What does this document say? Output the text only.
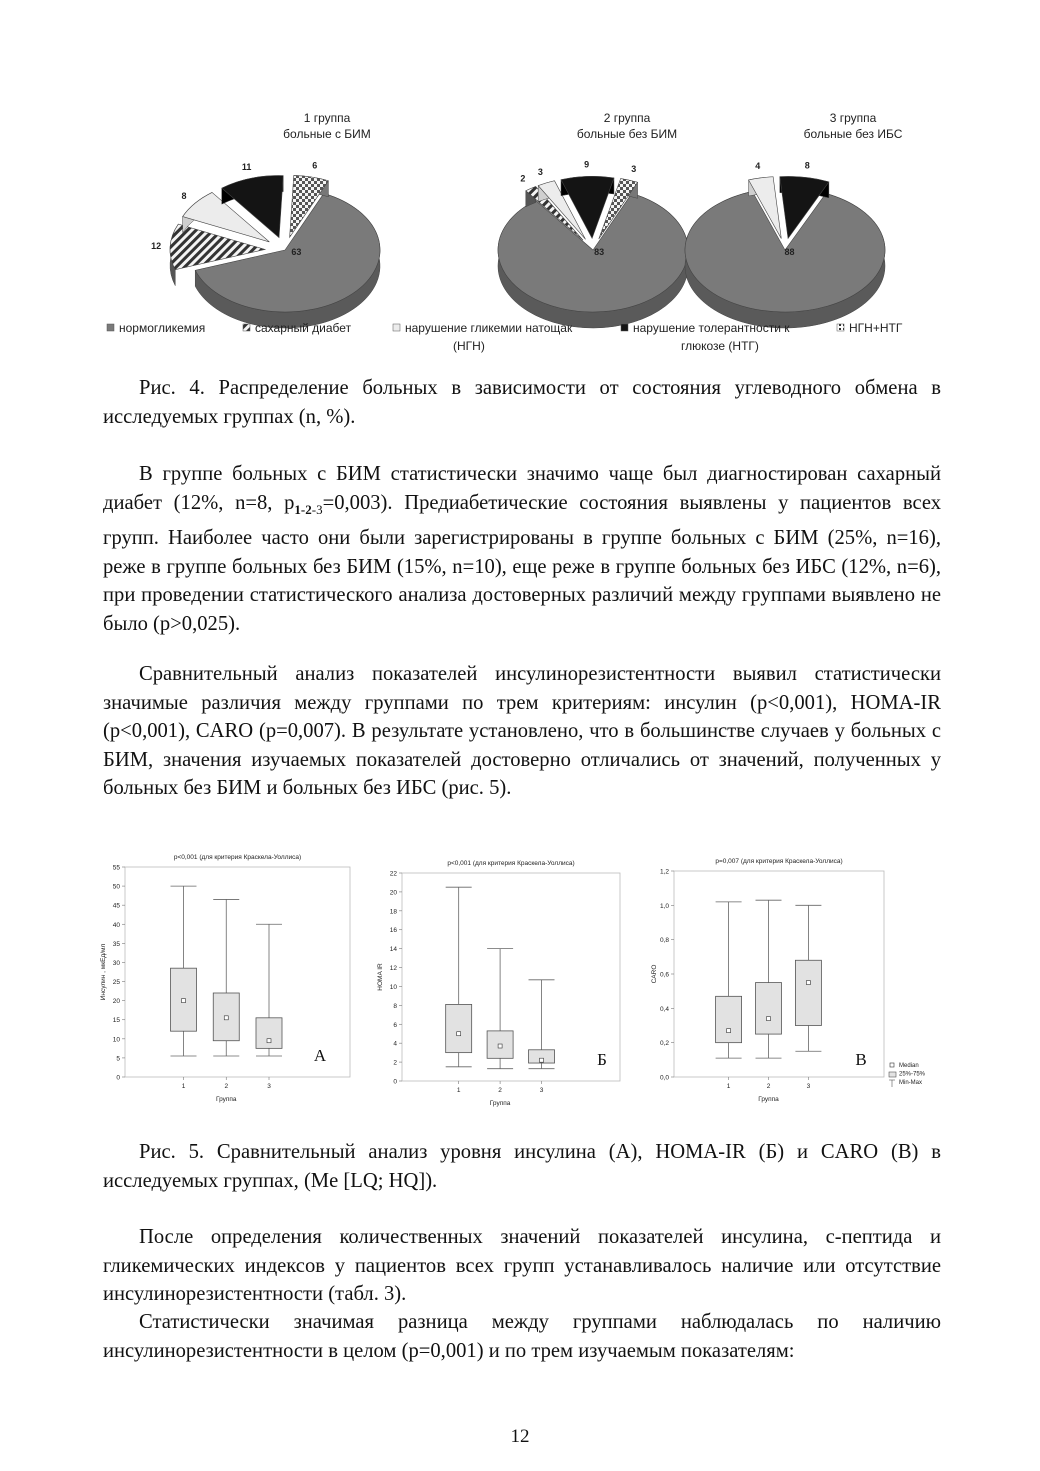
63
12
8
11	6
1 группа
больные с БИМ
83
2
3
9	3
2 группа
больные без БИМ
88
4	8
3 группа
больные без ИБС
нормогликемия	сахарный диабет	нарушение гликемии натощак
(НГН)
нарушение толерантности к
глюкозе (НТГ)
НГН+НТГ
Рис. 4. Распределение больных в зависимости от состояния углеводного обмена в исследуемых группах (n, %).

В группе больных с БИМ статистически значимо чаще был диагностирован сахарный диабет (12%, n=8, $p_{1-2-3}=0,003$). Предиабетические состояния выявлены у пациентов всех групп. Наиболее часто они были зарегистрированы в группе больных с БИМ (25%, n=16), реже в группе больных без БИМ (15%, n=10), еще реже в группе больных без ИБС (12%, n=6), при проведении статистического анализа достоверных различий между группами выявлено не было (p>0,025).

Сравнительный анализ показателей инсулинорезистентности выявил статистически значимые различия между группами по трем критериям: инсулин (p<0,001), HOMA-IR (p<0,001), CARO (p=0,007). В результате установлено, что в большинстве случаев у больных с БИМ, значения изучаемых показателей достоверно отличались от значений, полученных у больных без БИМ и больных без ИБС (рис. 5).

p<0,001 (для критерия Краскела-Уоллиса)
0
5
10
15
20
25
30
35
40
45
50
55
Инсулин , мкЕд/мл
1	2	3
Группа
А
p<0,001 (для критерия Краскела-Уоллиса)
0
2
4
6
8
10
12
14
16
18
20
22
HOMA IR
1	2	3
Группа
Б
p=0,007 (для критерия Краскела-Уоллиса)
0,0
0,2
0,4
0,6
0,8
1,0
1,2
CARO
1	2	3
Группа
В	Median
25%-75%
Min-Max
Рис. 5. Сравнительный анализ уровня инсулина (А), HOMA-IR (Б) и CARO (В) в исследуемых группах, (Me [LQ; HQ]).

После определения количественных значений показателей инсулина, с-пептида и гликемических индексов у пациентов всех групп устанавливалось наличие или отсутствие инсулинорезистентности (табл. 3).

Статистически значимая разница между группами наблюдалась по наличию инсулинорезистентности в целом (p=0,001) и по трем изучаемым показателям:

12
